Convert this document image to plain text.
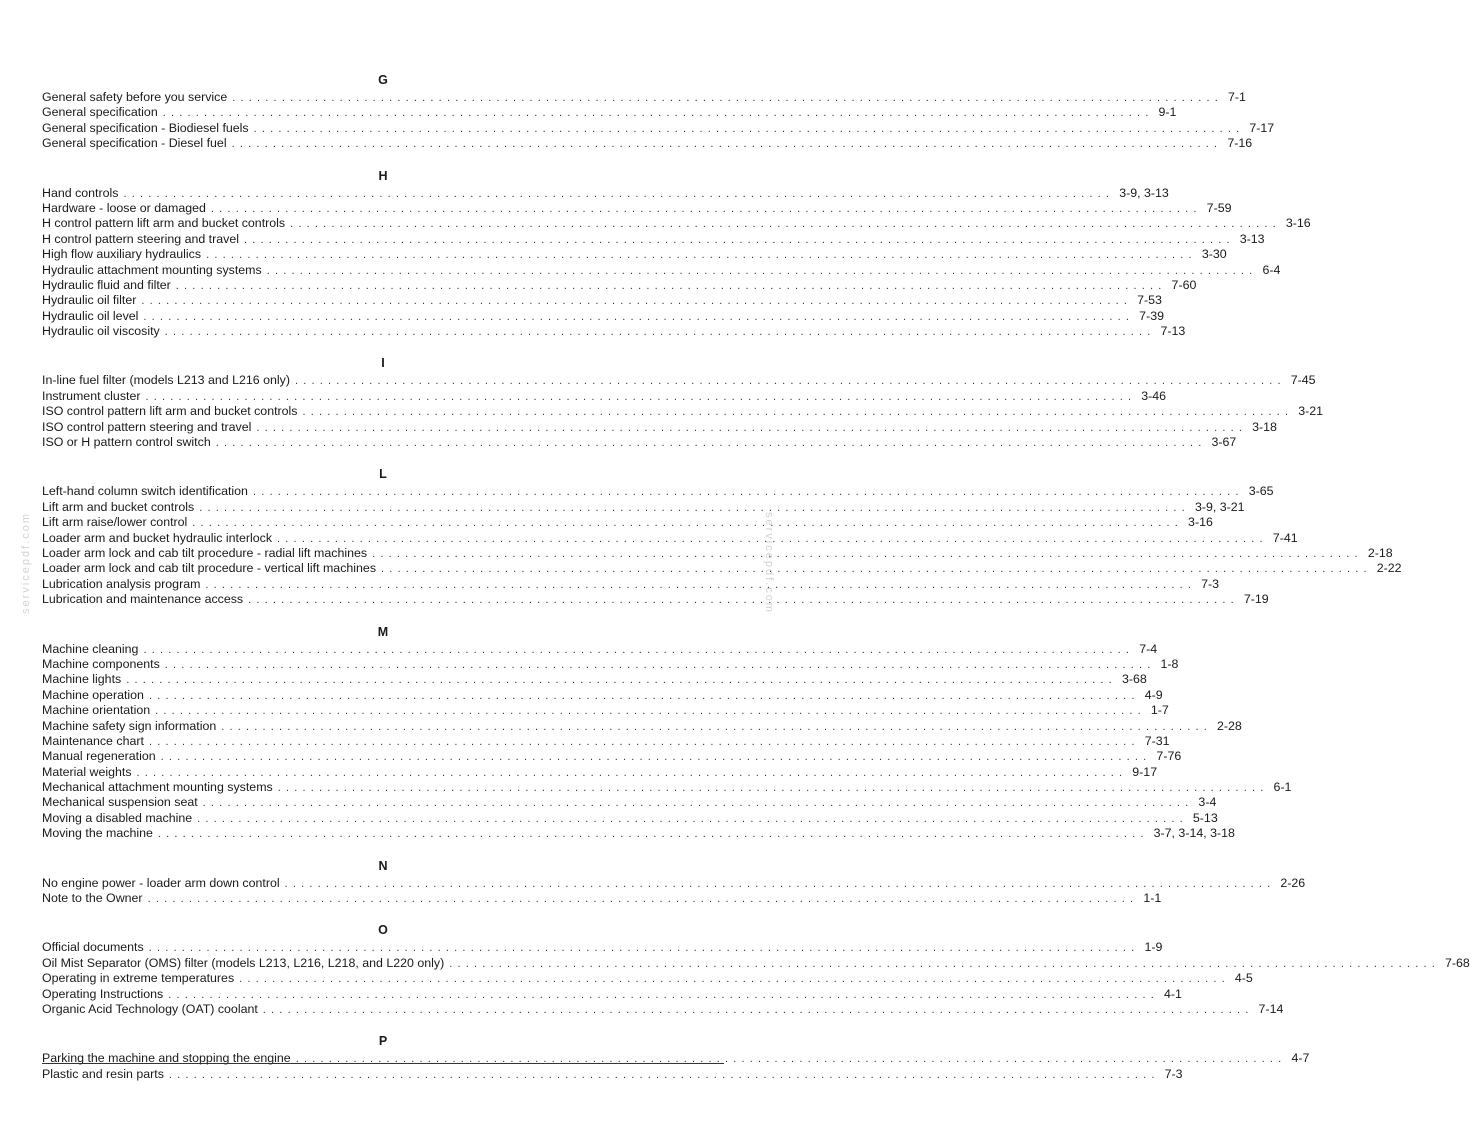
servicepdf.com	servicepdf.com
G
General safety before you service ........................................................................................................................ 7-1
General specification ........................................................................................................................ 9-1
General specification - Biodiesel fuels ........................................................................................................................ 7-17
General specification - Diesel fuel ........................................................................................................................ 7-16
H
Hand controls ........................................................................................................................ 3-9, 3-13
Hardware - loose or damaged ........................................................................................................................ 7-59
H control pattern lift arm and bucket controls ........................................................................................................................ 3-16
H control pattern steering and travel ........................................................................................................................ 3-13
High flow auxiliary hydraulics ........................................................................................................................ 3-30
Hydraulic attachment mounting systems ........................................................................................................................ 6-4
Hydraulic fluid and filter ........................................................................................................................ 7-60
Hydraulic oil filter ........................................................................................................................ 7-53
Hydraulic oil level ........................................................................................................................ 7-39
Hydraulic oil viscosity ........................................................................................................................ 7-13
I
In-line fuel filter (models L213 and L216 only) ........................................................................................................................ 7-45
Instrument cluster ........................................................................................................................ 3-46
ISO control pattern lift arm and bucket controls ........................................................................................................................ 3-21
ISO control pattern steering and travel ........................................................................................................................ 3-18
ISO or H pattern control switch ........................................................................................................................ 3-67
L
Left-hand column switch identification ........................................................................................................................ 3-65
Lift arm and bucket controls ........................................................................................................................ 3-9, 3-21
Lift arm raise/lower control ........................................................................................................................ 3-16
Loader arm and bucket hydraulic interlock ........................................................................................................................ 7-41
Loader arm lock and cab tilt procedure - radial lift machines ........................................................................................................................ 2-18
Loader arm lock and cab tilt procedure - vertical lift machines ........................................................................................................................ 2-22
Lubrication analysis program ........................................................................................................................ 7-3
Lubrication and maintenance access ........................................................................................................................ 7-19
M
Machine cleaning ........................................................................................................................ 7-4
Machine components ........................................................................................................................ 1-8
Machine lights ........................................................................................................................ 3-68
Machine operation ........................................................................................................................ 4-9
Machine orientation ........................................................................................................................ 1-7
Machine safety sign information ........................................................................................................................ 2-28
Maintenance chart ........................................................................................................................ 7-31
Manual regeneration ........................................................................................................................ 7-76
Material weights ........................................................................................................................ 9-17
Mechanical attachment mounting systems ........................................................................................................................ 6-1
Mechanical suspension seat ........................................................................................................................ 3-4
Moving a disabled machine ........................................................................................................................ 5-13
Moving the machine ........................................................................................................................ 3-7, 3-14, 3-18
N
No engine power - loader arm down control ........................................................................................................................ 2-26
Note to the Owner ........................................................................................................................ 1-1
O
Official documents ........................................................................................................................ 1-9
Oil Mist Separator (OMS) filter (models L213, L216, L218, and L220 only) ........................................................................................................................ 7-68
Operating in extreme temperatures ........................................................................................................................ 4-5
Operating Instructions ........................................................................................................................ 4-1
Organic Acid Technology (OAT) coolant ........................................................................................................................ 7-14
P
Parking the machine and stopping the engine ........................................................................................................................ 4-7
Plastic and resin parts ........................................................................................................................ 7-3
